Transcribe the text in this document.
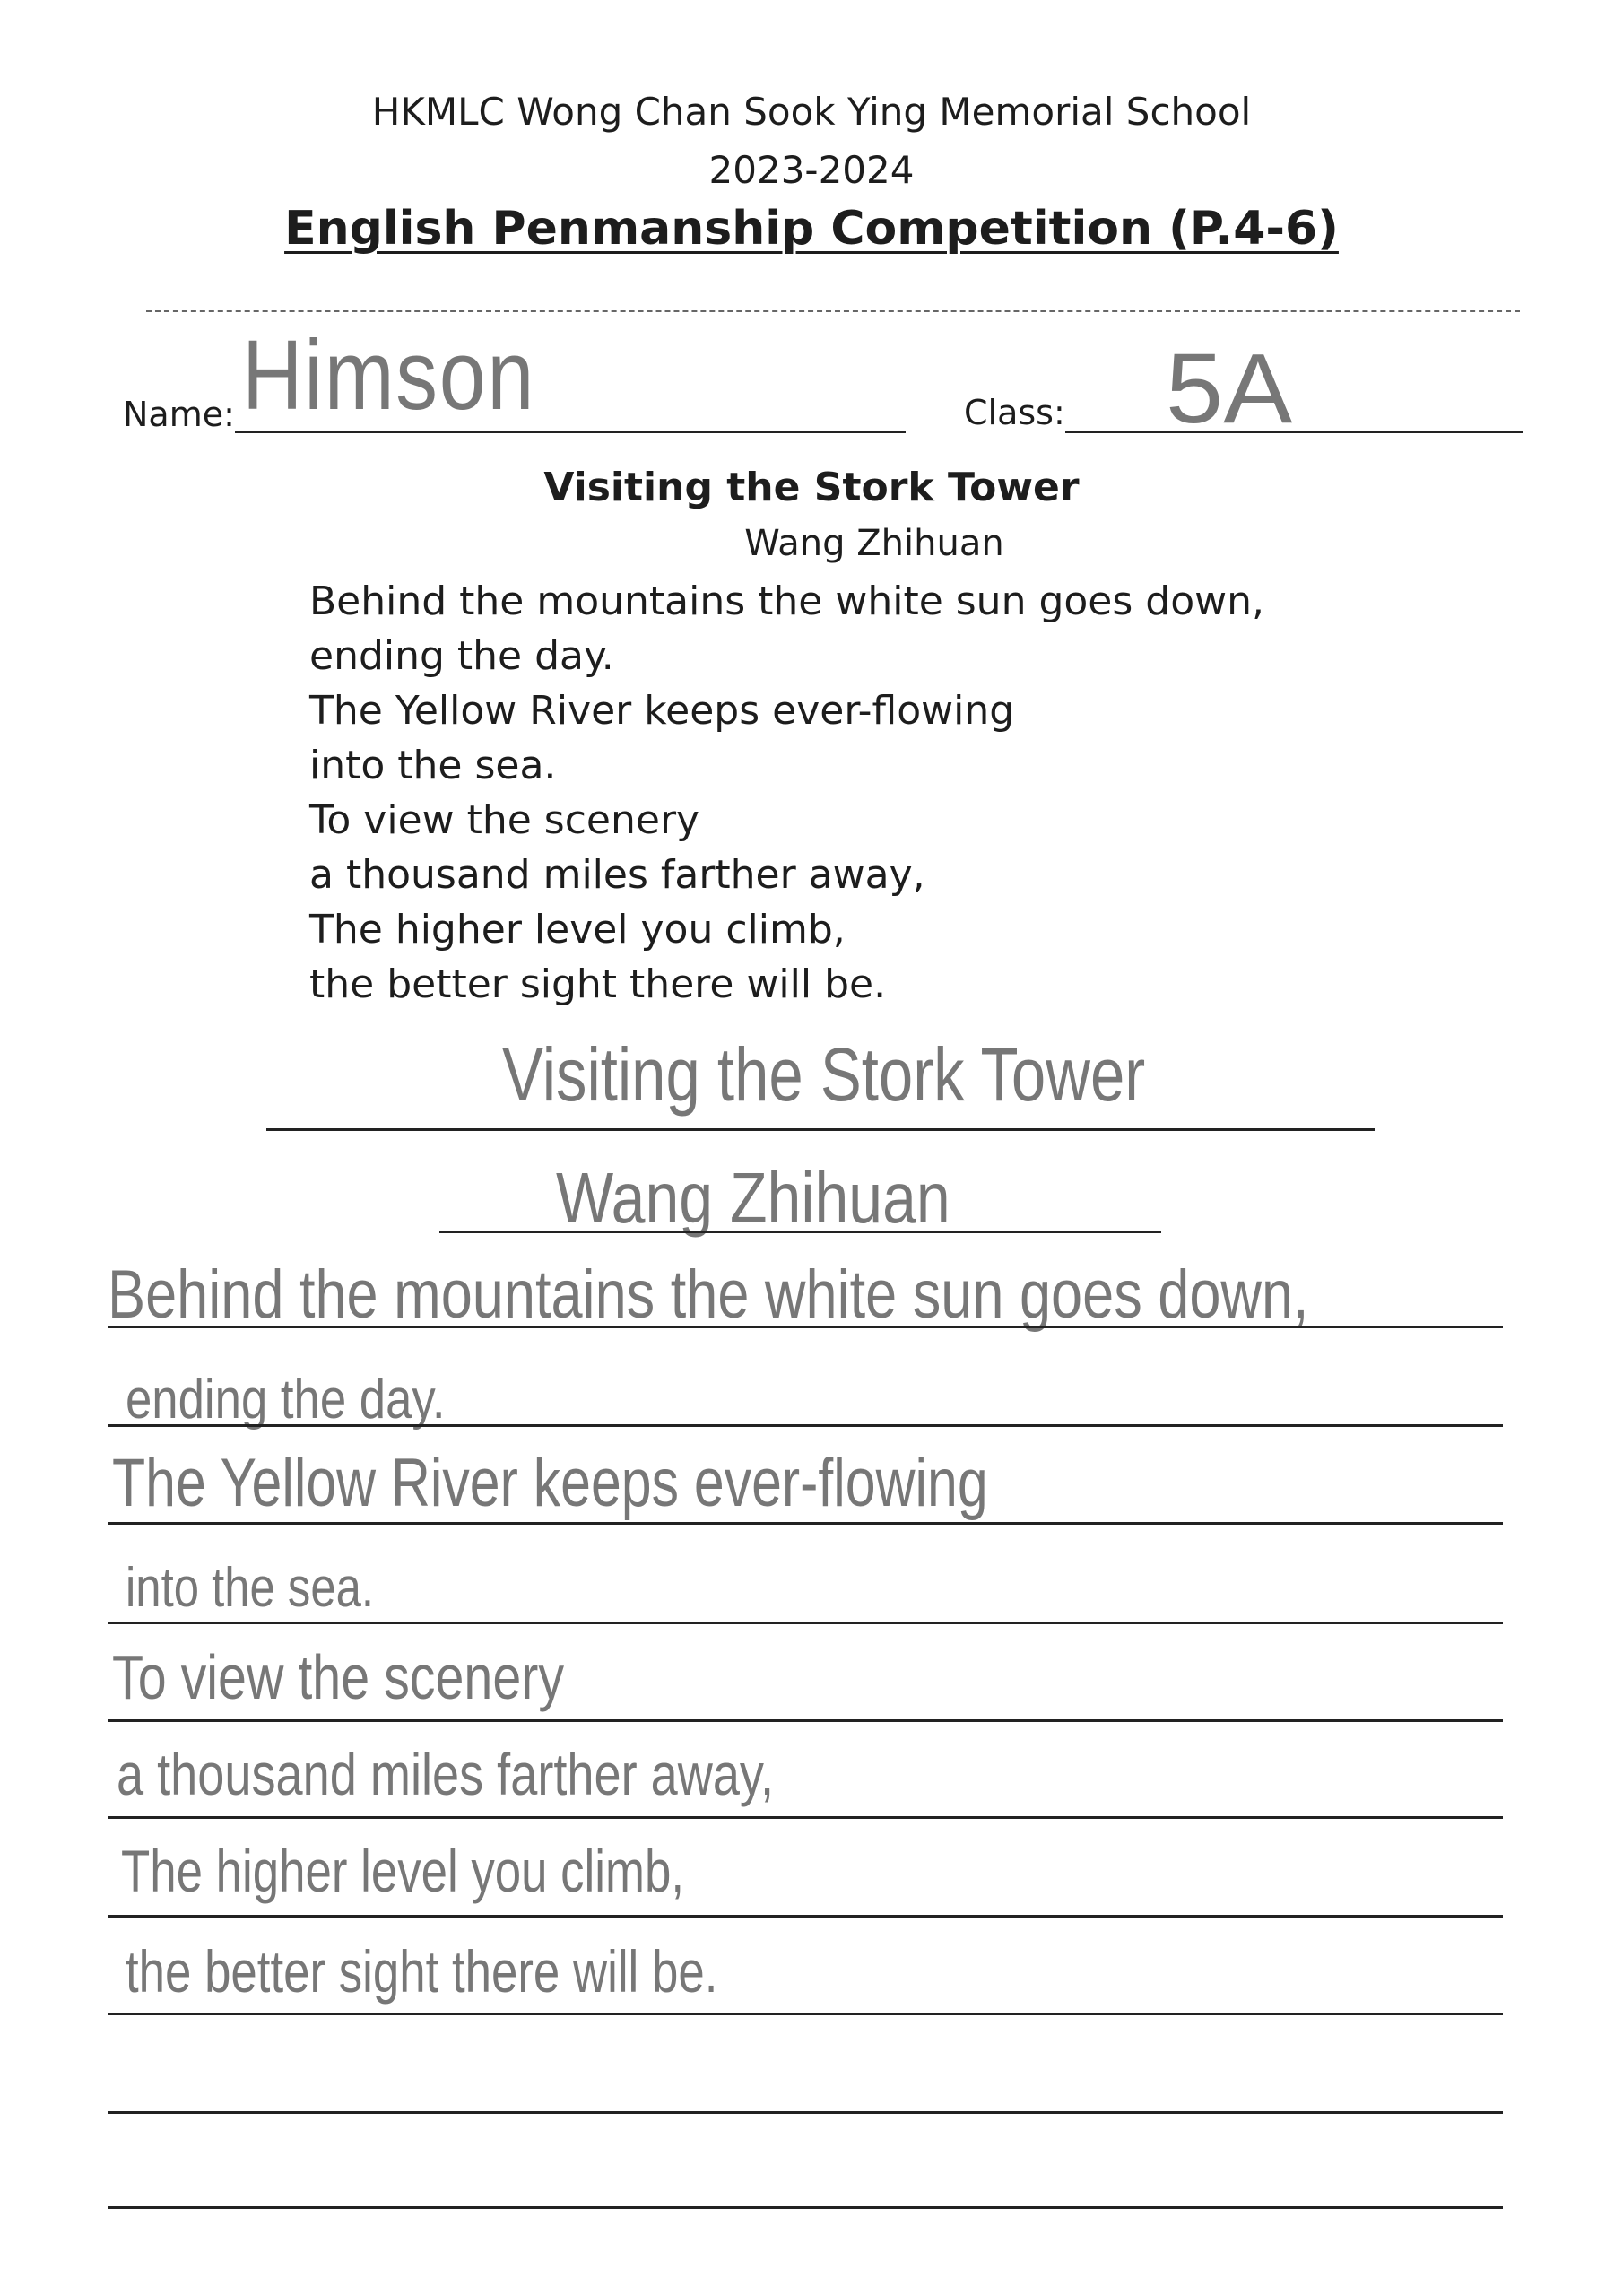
HKMLC Wong Chan Sook Ying Memorial School
2023-2024
English Penmanship Competition (P.4-6)
Name: Himson	Class: 5A
Visiting the Stork Tower
Wang Zhihuan
Behind the mountains the white sun goes down,
ending the day.
The Yellow River keeps ever-flowing
into the sea.
To view the scenery
a thousand miles farther away,
The higher level you climb,
the better sight there will be.
Visiting the Stork Tower
Wang Zhihuan
Behind the mountains the white sun goes down,
ending the day.
The Yellow River keeps ever-flowing
into the sea.
To view the scenery
a thousand miles farther away,
The higher level you climb,
the better sight there will be.
